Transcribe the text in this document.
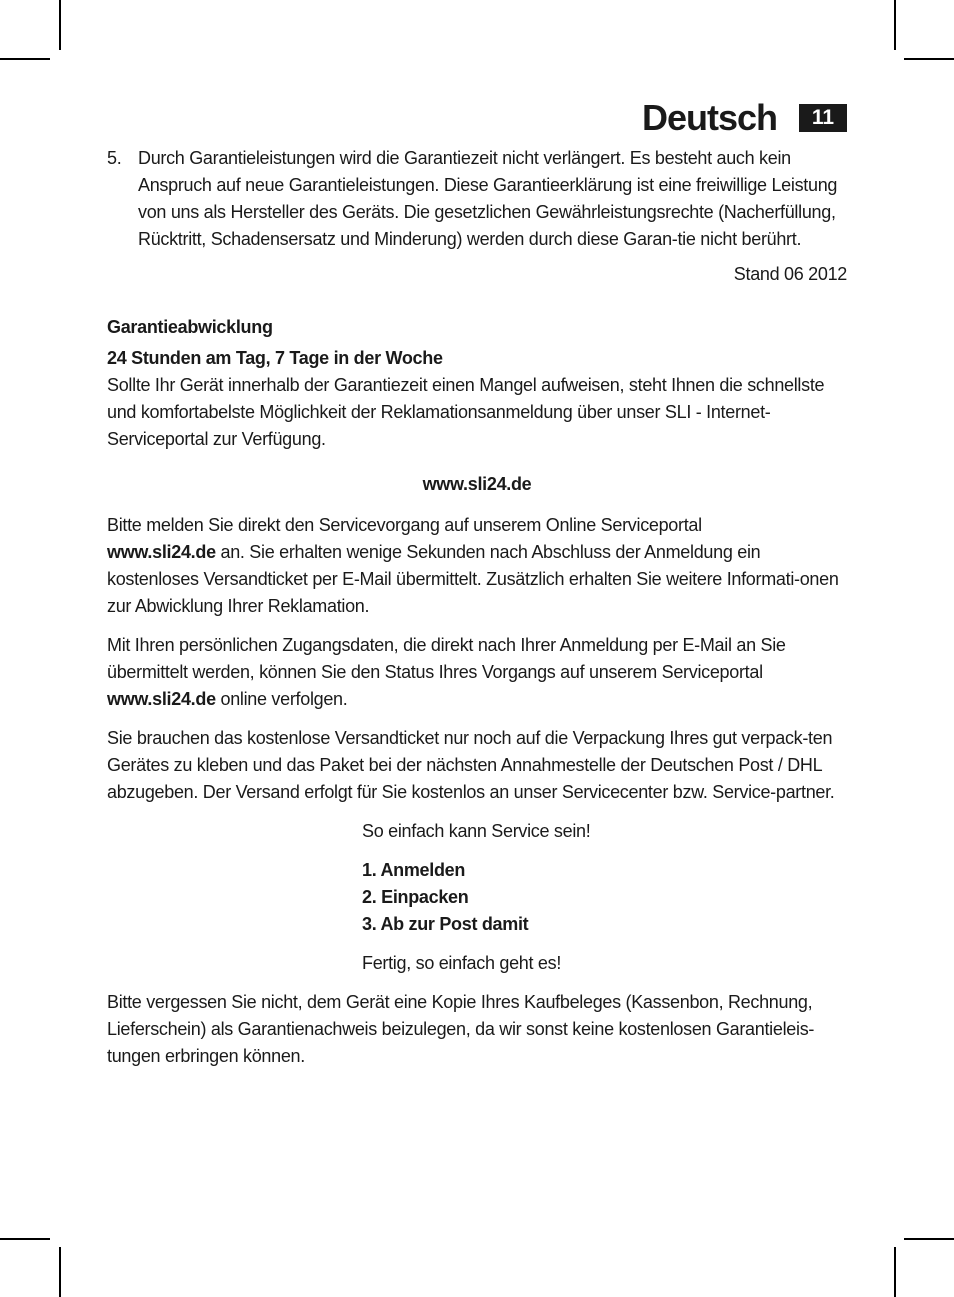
Deutsch	11
5. Durch Garantieleistungen wird die Garantiezeit nicht verlängert. Es besteht auch kein Anspruch auf neue Garantieleistungen. Diese Garantieerklärung ist eine freiwillige Leistung von uns als Hersteller des Geräts. Die gesetzlichen Gewährleistungsrechte (Nacherfüllung, Rücktritt, Schadensersatz und Minderung) werden durch diese Garan-tie nicht berührt.
Stand 06 2012
Garantieabwicklung
24 Stunden am Tag, 7 Tage in der Woche

Sollte Ihr Gerät innerhalb der Garantiezeit einen Mangel aufweisen, steht Ihnen die schnellste und komfortabelste Möglichkeit der Reklamationsanmeldung über unser SLI - Internet-Serviceportal zur Verfügung.

www.sli24.de

Bitte melden Sie direkt den Servicevorgang auf unserem Online Serviceportal
www.sli24.de an. Sie erhalten wenige Sekunden nach Abschluss der Anmeldung ein kostenloses Versandticket per E-Mail übermittelt. Zusätzlich erhalten Sie weitere Informati-onen zur Abwicklung Ihrer Reklamation.

Mit Ihren persönlichen Zugangsdaten, die direkt nach Ihrer Anmeldung per E-Mail an Sie übermittelt werden, können Sie den Status Ihres Vorgangs auf unserem Serviceportal
www.sli24.de online verfolgen.

Sie brauchen das kostenlose Versandticket nur noch auf die Verpackung Ihres gut verpack-ten Gerätes zu kleben und das Paket bei der nächsten Annahmestelle der Deutschen Post / DHL abzugeben. Der Versand erfolgt für Sie kostenlos an unser Servicecenter bzw. Service-partner.

So einfach kann Service sein!

1. Anmelden
2. Einpacken
3. Ab zur Post damit

Fertig, so einfach geht es!

Bitte vergessen Sie nicht, dem Gerät eine Kopie Ihres Kaufbeleges (Kassenbon, Rechnung, Lieferschein) als Garantienachweis beizulegen, da wir sonst keine kostenlosen Garantieleis-tungen erbringen können.
